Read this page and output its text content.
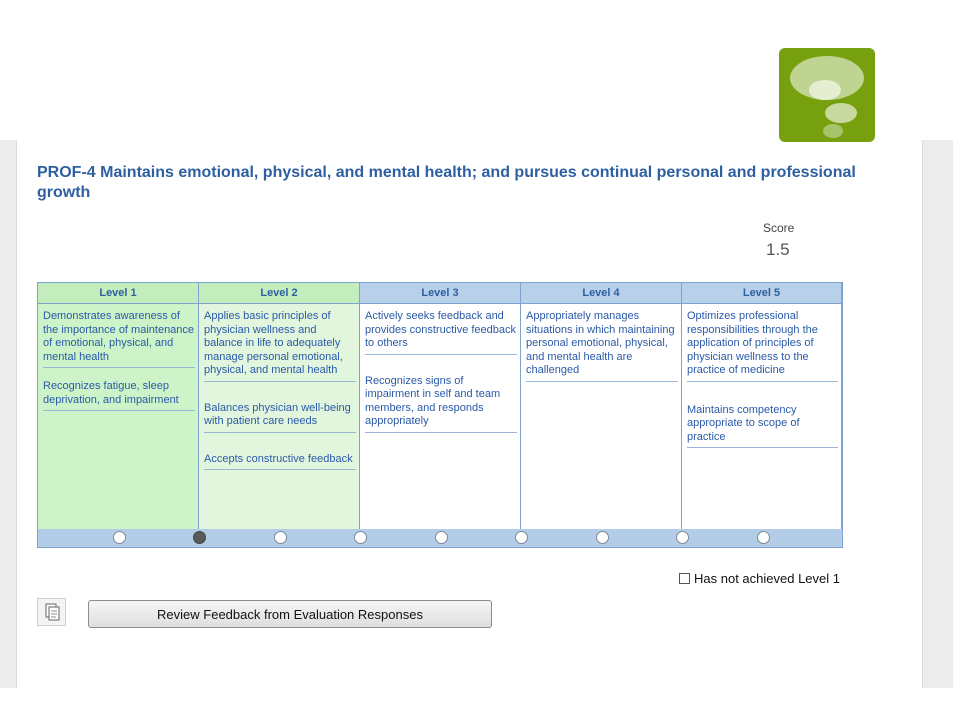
PROF-4 Maintains emotional, physical, and mental health; and pursues continual personal and professional growth
Score
1.5
Level 1
Demonstrates awareness of the importance of maintenance of emotional, physical, and mental health
Recognizes fatigue, sleep deprivation, and impairment
Level 2
Applies basic principles of physician wellness and balance in life to adequately manage personal emotional, physical, and mental health
Balances physician well-being with patient care needs
Accepts constructive feedback
Level 3
Actively seeks feedback and provides constructive feedback to others
Recognizes signs of impairment in self and team members, and responds appropriately
Level 4
Appropriately manages situations in which maintaining personal emotional, physical, and mental health are challenged
Level 5
Optimizes professional responsibilities through the application of principles of physician wellness to the practice of medicine
Maintains competency appropriate to scope of practice
Has not achieved Level 1
Review Feedback from Evaluation Responses
